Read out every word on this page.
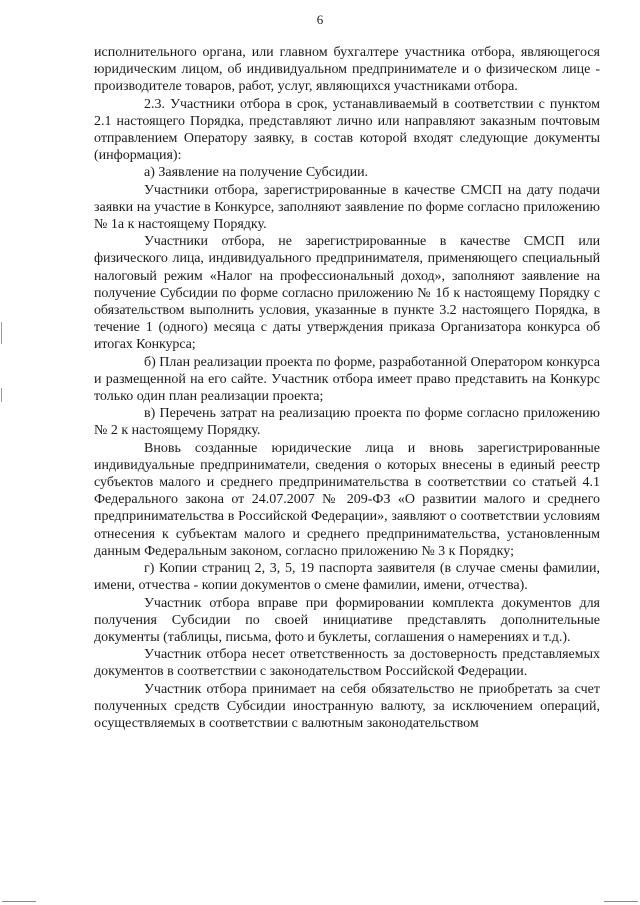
6

исполнительного органа, или главном бухгалтере участника отбора, являющегося юридическим лицом, об индивидуальном предпринимателе и о физическом лице - производителе товаров, работ, услуг, являющихся участниками отбора.

2.3. Участники отбора в срок, устанавливаемый в соответствии с пунктом 2.1 настоящего Порядка, представляют лично или направляют заказным почтовым отправлением Оператору заявку, в состав которой входят следующие документы (информация):

а) Заявление на получение Субсидии.

Участники отбора, зарегистрированные в качестве СМСП на дату подачи заявки на участие в Конкурсе, заполняют заявление по форме согласно приложению № 1а к настоящему Порядку.

Участники отбора, не зарегистрированные в качестве СМСП или физического лица, индивидуального предпринимателя, применяющего специальный налоговый режим «Налог на профессиональный доход», заполняют заявление на получение Субсидии по форме согласно приложению № 1б к настоящему Порядку с обязательством выполнить условия, указанные в пункте 3.2 настоящего Порядка, в течение 1 (одного) месяца с даты утверждения приказа Организатора конкурса об итогах Конкурса;

б) План реализации проекта по форме, разработанной Оператором конкурса и размещенной на его сайте. Участник отбора имеет право представить на Конкурс только один план реализации проекта;

в) Перечень затрат на реализацию проекта по форме согласно приложению № 2 к настоящему Порядку.

Вновь созданные юридические лица и вновь зарегистрированные индивидуальные предприниматели, сведения о которых внесены в единый реестр субъектов малого и среднего предпринимательства в соответствии со статьей 4.1 Федерального закона от 24.07.2007 № 209-ФЗ «О развитии малого и среднего предпринимательства в Российской Федерации», заявляют о соответствии условиям отнесения к субъектам малого и среднего предпринимательства, установленным данным Федеральным законом, согласно приложению № 3 к Порядку;

г) Копии страниц 2, 3, 5, 19 паспорта заявителя (в случае смены фамилии, имени, отчества - копии документов о смене фамилии, имени, отчества).

Участник отбора вправе при формировании комплекта документов для получения Субсидии по своей инициативе представлять дополнительные документы (таблицы, письма, фото и буклеты, соглашения о намерениях и т.д.).

Участник отбора несет ответственность за достоверность представляемых документов в соответствии с законодательством Российской Федерации.

Участник отбора принимает на себя обязательство не приобретать за счет полученных средств Субсидии иностранную валюту, за исключением операций, осуществляемых в соответствии с валютным законодательством
